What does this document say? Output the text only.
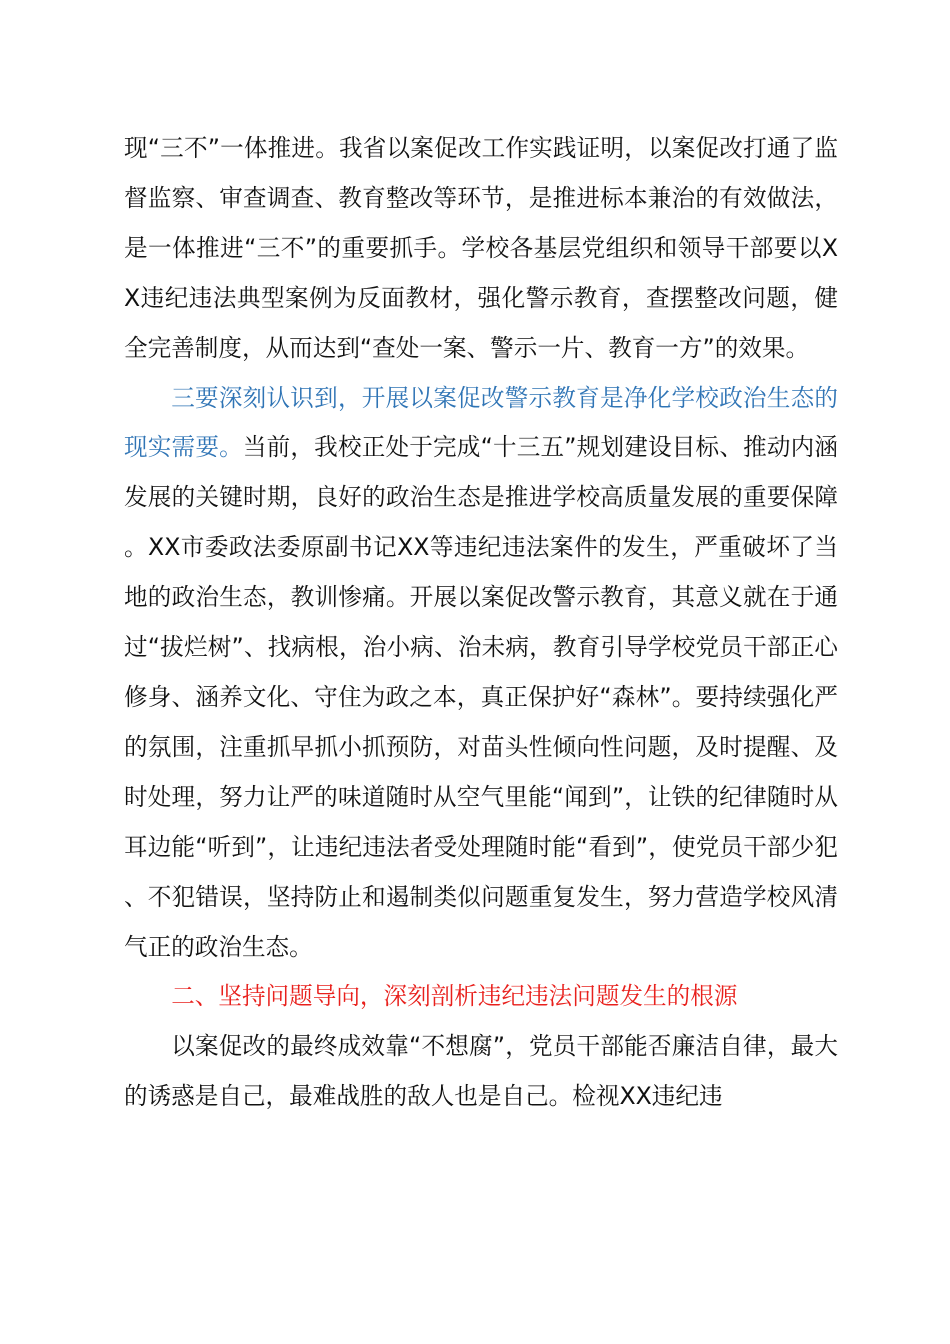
现“三不”一体推进。我省以案促改工作实践证明，以案促改打通了监督监察、审查调查、教育整改等环节，是推进标本兼治的有效做法，是一体推进“三不”的重要抓手。学校各基层党组织和领导干部要以XX违纪违法典型案例为反面教材，强化警示教育，查摆整改问题，健全完善制度，从而达到“查处一案、警示一片、教育一方”的效果。

三要深刻认识到，开展以案促改警示教育是净化学校政治生态的现实需要。当前，我校正处于完成“十三五”规划建设目标、推动内涵发展的关键时期，良好的政治生态是推进学校高质量发展的重要保障。XX市委政法委原副书记XX等违纪违法案件的发生，严重破坏了当地的政治生态，教训惨痛。开展以案促改警示教育，其意义就在于通过“拔烂树”、找病根，治小病、治未病，教育引导学校党员干部正心修身、涵养文化、守住为政之本，真正保护好“森林”。要持续强化严的氛围，注重抓早抓小抓预防，对苗头性倾向性问题，及时提醒、及时处理，努力让严的味道随时从空气里能“闻到”，让铁的纪律随时从耳边能“听到”，让违纪违法者受处理随时能“看到”，使党员干部少犯、不犯错误，坚持防止和遏制类似问题重复发生，努力营造学校风清气正的政治生态。

二、坚持问题导向，深刻剖析违纪违法问题发生的根源

以案促改的最终成效靠“不想腐”，党员干部能否廉洁自律，最大的诱惑是自己，最难战胜的敌人也是自己。检视XX违纪违
